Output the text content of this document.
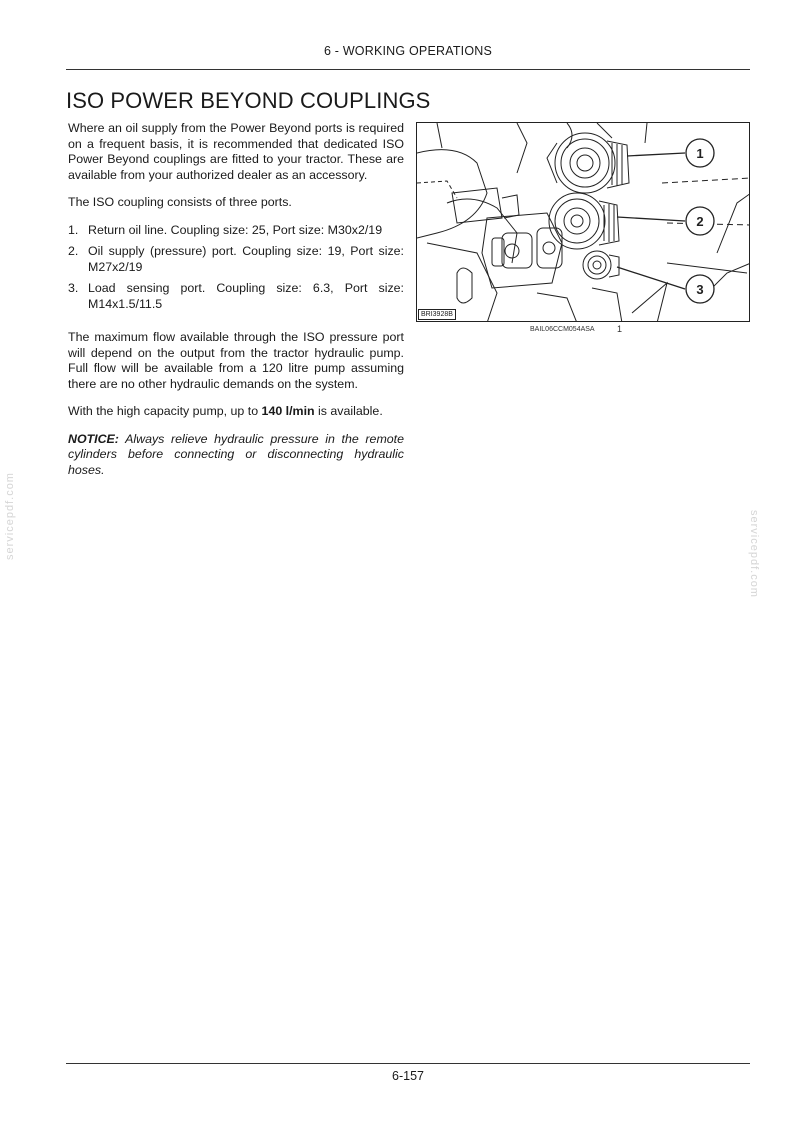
6 - WORKING OPERATIONS
ISO POWER BEYOND COUPLINGS

Where an oil supply from the Power Beyond ports is required on a frequent basis, it is recommended that dedicated ISO Power Beyond couplings are fitted to your tractor. These are available from your authorized dealer as an accessory.

The ISO coupling consists of three ports.

1. Return oil line. Coupling size: 25, Port size: M30x2/19
2. Oil supply (pressure) port. Coupling size: 19, Port size: M27x2/19
3. Load sensing port. Coupling size: 6.3, Port size: M14x1.5/11.5

The maximum flow available through the ISO pressure port will depend on the output from the tractor hydraulic pump. Full flow will be available from a 120 litre pump assuming there are no other hydraulic demands on the system.

With the high capacity pump, up to 140 l/min is available.

NOTICE: Always relieve hydraulic pressure in the remote cylinders before connecting or disconnecting hydraulic hoses.

1
2
3
BRI3928B
BAIL06CCM054ASA 1
servicepdf.com	servicepdf.com
6-157
